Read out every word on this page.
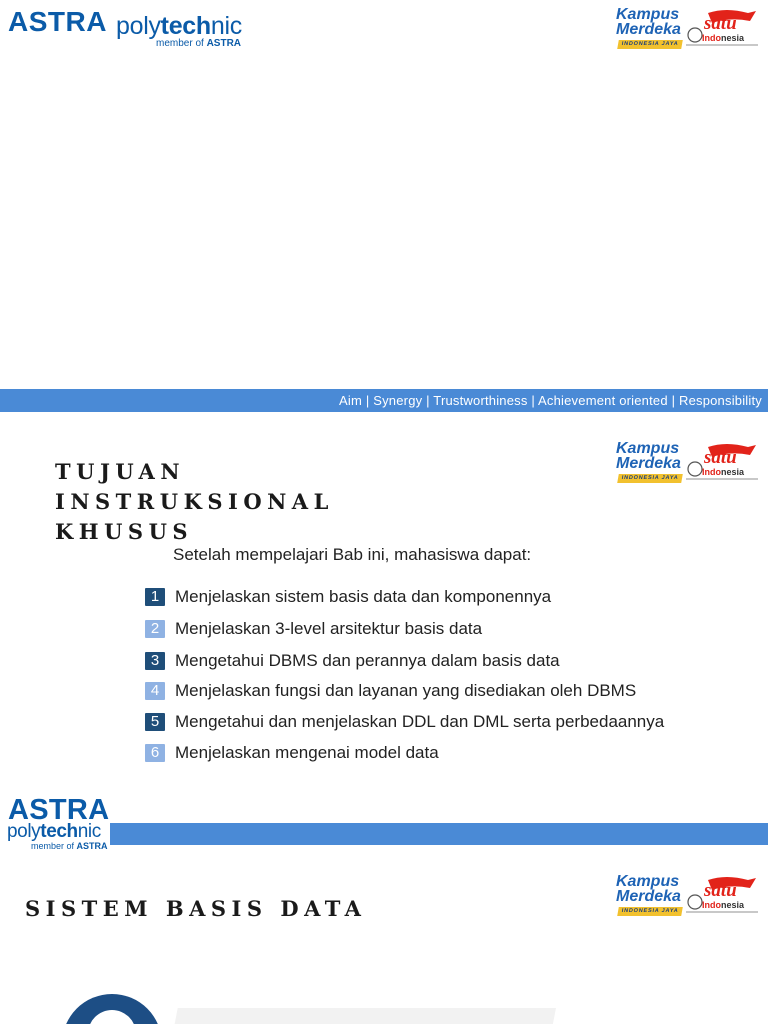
ASTRA polytechnic
member of ASTRA
Kampus
Merdeka
INDONESIA JAYA
satu
Indonesia
Aim | Synergy | Trustworthiness | Achievement oriented | Responsibility
TUJUAN INSTRUKSIONAL KHUSUS
Kampus
Merdeka
INDONESIA JAYA
satu
Indonesia
Setelah mempelajari Bab ini, mahasiswa dapat:
1 Menjelaskan sistem basis data dan komponennya
2 Menjelaskan 3-level arsitektur basis data
3 Mengetahui DBMS dan perannya dalam basis data
4 Menjelaskan fungsi dan layanan yang disediakan oleh DBMS
5 Mengetahui dan menjelaskan DDL dan DML serta perbedaannya
6 Menjelaskan mengenai model data
ASTRA
polytechnic
member of ASTRA
SISTEM BASIS DATA
Kampus
Merdeka
INDONESIA JAYA
satu
Indonesia
